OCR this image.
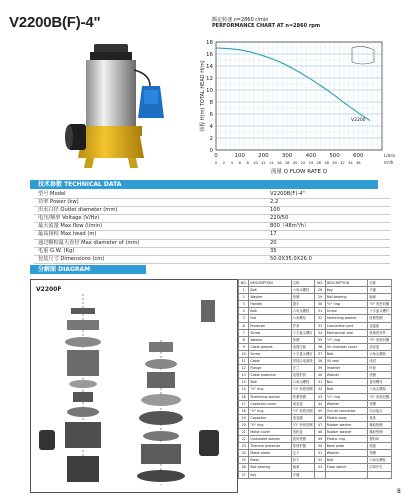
V2200B(F)-4"	额定转速 n=2860 r/min
PERFORMANCE CHART AT n=2860 rpm
0
2
4
6
8
10
12
14
16
18
0	100 200 300 400 500 600	L/min
0 2 4 6 8 10 12 14 16 18 20 22 24 26 28 30 32 34 36	m³/h
扬程 H(m) TOTAL HEAD H(m)
流量 Q FLOW RATE Q
V2200
技术参数 TECHNICAL DATA
型号 Model	V2200B(F)-4"
功率 Power (kw)	2.2
出水口径 Outlet diameter (mm)	100
电压/频率 Voltage (V/Hz)	220/50
最大流量 Max.flow (l/min)	800（48m³/h）
最高扬程 Max.head (m)	17
通过颗粒最大直径 Max diameter of (mm)	20
毛重 G.W. (Kg)	35
包装尺寸 Dimensions (cm)	50.0X35.0X26.0
分解图 DIAGRAM
V2200F
NO.	DESCRIPTION	名称	NO.	DESCRIPTION	名称
1	Bolt	六角头螺栓	28	Key	平键
2	Washer	垫圈	29	Ball bearing	轴承
3	Handle	提手	30	"O" ring	"O" 形密封圈
4	Bolt	六角头螺栓	31	Screw	十字盘头螺钉
5	Nut	六角螺母	32	Stretching washer	张紧垫圈
6	Protector	护套	33	Connection part	连接座
7	Screw	十字盘头螺钉	34	Mechanical seal	机械密封件
8	Washer	垫圈	35	"O" ring	"O" 形密封圈
9	Cable gromet	电缆压板	36	Oil chamber cover	油室盖
10	Screw	十字盘头螺钉	37	Bolt	六角头螺栓
11	Cable	带插头电源线	38	Oil seal	油封
12	Flange	法兰	39	Impeller	叶轮
13	Cable protector	电缆护套	40	Washer	垫圈
14	Bolt	六角头螺栓	41	Nut	盖形螺母
15	"O" ring	"O" 形密封圈	42	Bolt	六角头螺栓
16	Stretching washer	张紧垫圈	43	"O" ring	"O" 形密封圈
17	Capacitor cover	电容盖	44	Washer	垫圈
18	"O" ring	"O" 形密封圈	45	Out-let connector	出水接头
19	Capacitor	电容器	46	Plastic body	泵体
20	"O" ring	"O" 形密封圈	47	Rubber washer	橡胶垫圈
21	Motor cover	电机盖	48	Rubber washer	橡胶垫圈
22	Undulated washer	波形垫圈	49	Plastic ring	塑料环
23	Thermal protector	热保护器	50	Base plate	底板
24	Motor stator	定子	51	Washer	垫圈
25	Rotor	转子	52	Bolt	六角头螺栓
26	Ball bearing	轴承	53	Float switch	浮球开关
27	Key	平键			
8
